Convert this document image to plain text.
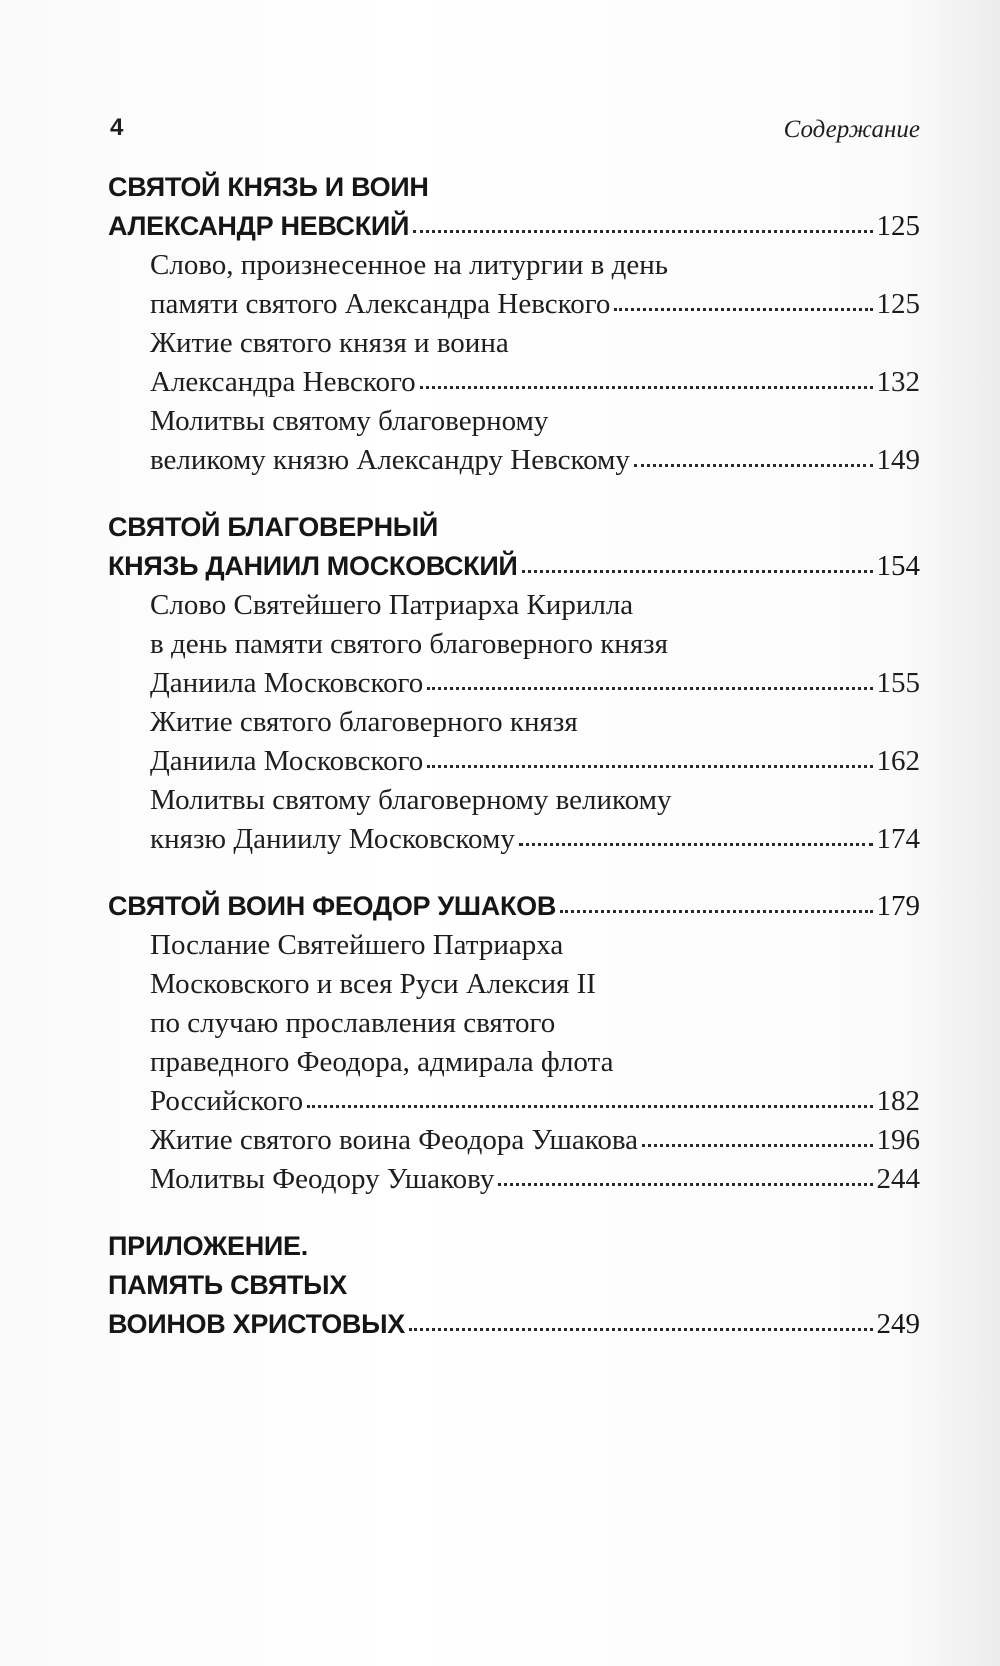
4	Содержание
СВЯТОЙ КНЯЗЬ И ВОИН
АЛЕКСАНДР НЕВСКИЙ	125
Слово, произнесенное на литургии в день
памяти святого Александра Невского	125
Житие святого князя и воина
Александра Невского	132
Молитвы святому благоверному
великому князю Александру Невскому	149
СВЯТОЙ БЛАГОВЕРНЫЙ
КНЯЗЬ ДАНИИЛ МОСКОВСКИЙ	154
Слово Святейшего Патриарха Кирилла
в день памяти святого благоверного князя
Даниила Московского	155
Житие святого благоверного князя
Даниила Московского	162
Молитвы святому благоверному великому
князю Даниилу Московскому	174
СВЯТОЙ ВОИН ФЕОДОР УШАКОВ	179
Послание Святейшего Патриарха
Московского и всея Руси Алексия II
по случаю прославления святого
праведного Феодора, адмирала флота
Российского	182
Житие святого воина Феодора Ушакова	196
Молитвы Феодору Ушакову	244
ПРИЛОЖЕНИЕ.
ПАМЯТЬ СВЯТЫХ
ВОИНОВ ХРИСТОВЫХ	249
